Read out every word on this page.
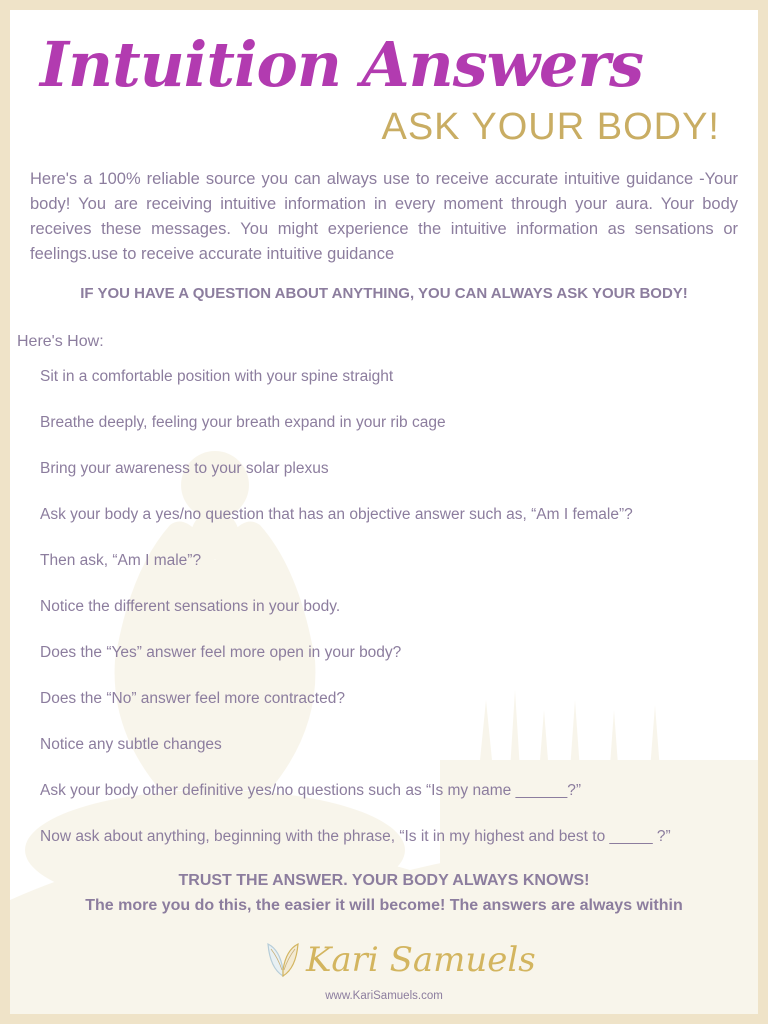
Intuition Answers
ASK YOUR BODY!

Here's a 100% reliable source you can always use to receive accurate intuitive guidance -Your body! You are receiving intuitive information in every moment through your aura. Your body receives these messages. You might experience the intuitive information as sensations or feelings.use to receive accurate intuitive guidance

IF YOU HAVE A QUESTION ABOUT ANYTHING, YOU CAN ALWAYS ASK YOUR BODY!

Here's How:

Sit in a comfortable position with your spine straight
Breathe deeply, feeling your breath expand in your rib cage
Bring your awareness to your solar plexus
Ask your body a yes/no question that has an objective answer such as, “Am I female”?
Then ask, “Am I male”?
Notice the different sensations in your body.
Does the “Yes” answer feel more open in your body?
Does the “No” answer feel more contracted?
Notice any subtle changes
Ask your body other definitive yes/no questions such as “Is my name ______?”
Now ask about anything, beginning with the phrase, “Is it in my highest and best to _____ ?”

TRUST THE ANSWER. YOUR BODY ALWAYS KNOWS!

The more you do this, the easier it will become! The answers are always within

Kari Samuels
www.KariSamuels.com
